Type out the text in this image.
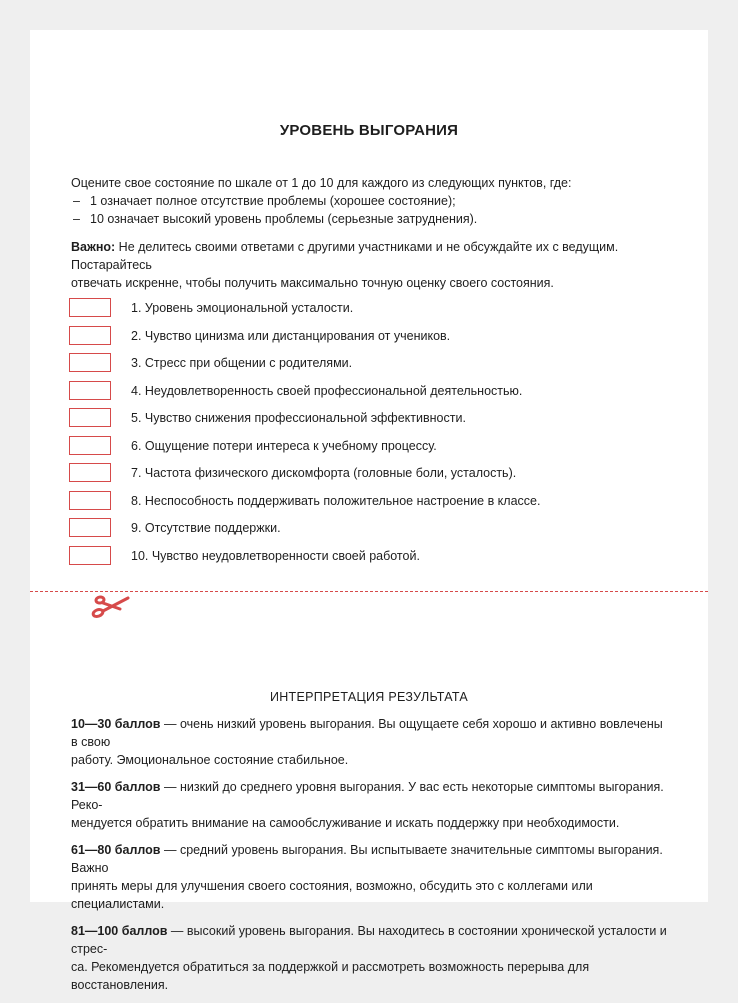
УРОВЕНЬ ВЫГОРАНИЯ
Оцените свое состояние по шкале от 1 до 10 для каждого из следующих пунктов, где:
– 1 означает полное отсутствие проблемы (хорошее состояние);
– 10 означает высокий уровень проблемы (серьезные затруднения).
Важно: Не делитесь своими ответами с другими участниками и не обсуждайте их с ведущим. Постарайтесь
отвечать искренне, чтобы получить максимально точную оценку своего состояния.
1. Уровень эмоциональной усталости.
2. Чувство цинизма или дистанцирования от учеников.
3. Стресс при общении с родителями.
4. Неудовлетворенность своей профессиональной деятельностью.
5. Чувство снижения профессиональной эффективности.
6. Ощущение потери интереса к учебному процессу.
7. Частота физического дискомфорта (головные боли, усталость).
8. Неспособность поддерживать положительное настроение в классе.
9. Отсутствие поддержки.
10. Чувство неудовлетворенности своей работой.
ИНТЕРПРЕТАЦИЯ РЕЗУЛЬТАТА

10—30 баллов — очень низкий уровень выгорания. Вы ощущаете себя хорошо и активно вовлечены в свою
работу. Эмоциональное состояние стабильное.

31—60 баллов — низкий до среднего уровня выгорания. У вас есть некоторые симптомы выгорания. Реко-
мендуется обратить внимание на самообслуживание и искать поддержку при необходимости.

61—80 баллов — средний уровень выгорания. Вы испытываете значительные симптомы выгорания. Важно
принять меры для улучшения своего состояния, возможно, обсудить это с коллегами или специалистами.

81—100 баллов — высокий уровень выгорания. Вы находитесь в состоянии хронической усталости и стрес-
са. Рекомендуется обратиться за поддержкой и рассмотреть возможность перерыва для восстановления.
